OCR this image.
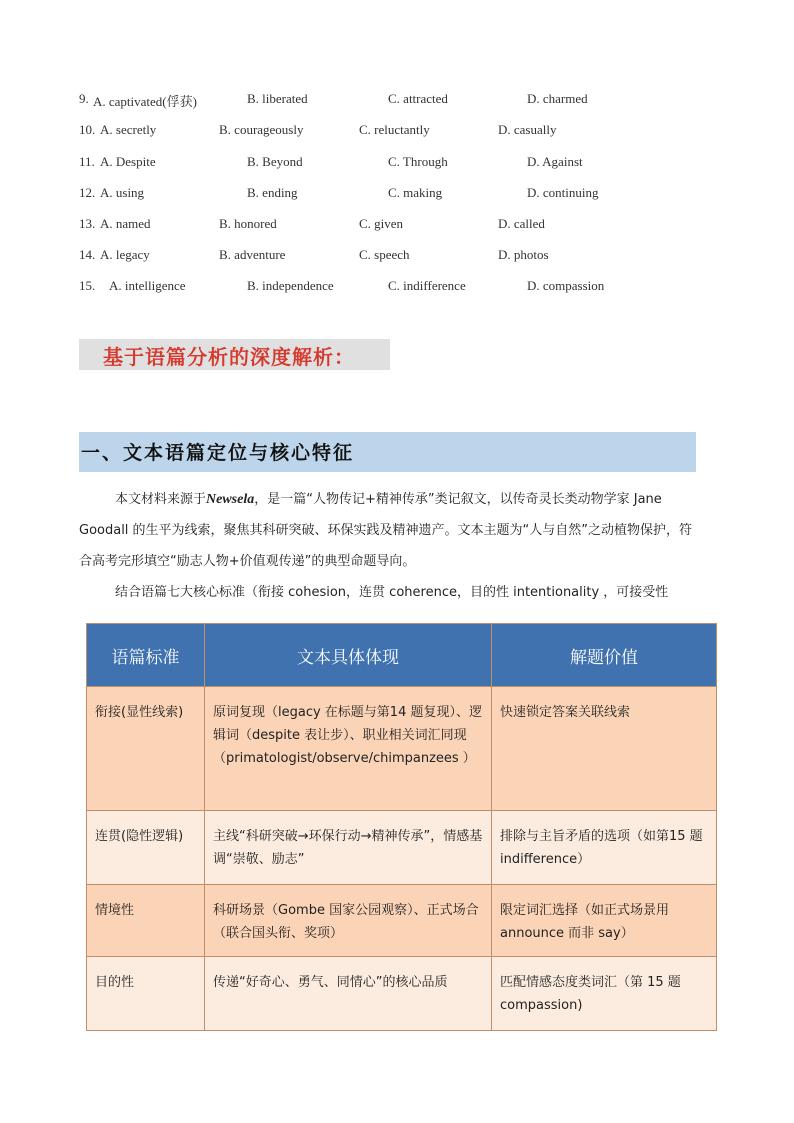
9. A. captivated(俘获)	B. liberated	C. attracted	D. charmed
10. A. secretly	B. courageously	C. reluctantly	D. casually
11. A. Despite	B. Beyond	C. Through	D. Against
12. A. using	B. ending	C. making	D. continuing
13. A. named	B. honored	C. given	D. called
14. A. legacy	B. adventure	C. speech	D. photos
15. A. intelligence	B. independence	C. indifference	D. compassion
基于语篇分析的深度解析：
一、文本语篇定位与核心特征

本文材料来源于Newsela，是一篇“人物传记+精神传承”类记叙文，以传奇灵长类动物学家 Jane Goodall 的生平为线索，聚焦其科研突破、环保实践及精神遗产。文本主题为“人与自然”之动植物保护，符合高考完形填空“励志人物+价值观传递”的典型命题导向。

结合语篇七大核心标准（衔接 cohesion，连贯 coherence，目的性 intentionality ，可接受性

语篇标准	文本具体体现	解题价值
衔接(显性线索)	原词复现（legacy 在标题与第14 题复现）、逻辑词（despite 表让步）、职业相关词汇同现（primatologist/observe/chimpanzees ）	快速锁定答案关联线索
连贯(隐性逻辑)	主线“科研突破→环保行动→精神传承”，情感基调“崇敬、励志”	排除与主旨矛盾的选项（如第15 题 indifference）
情境性	科研场景（Gombe 国家公园观察）、正式场合（联合国头衔、奖项）	限定词汇选择（如正式场景用 announce 而非 say）
目的性	传递“好奇心、勇气、同情心”的核心品质	匹配情感态度类词汇（第 15 题 compassion)
